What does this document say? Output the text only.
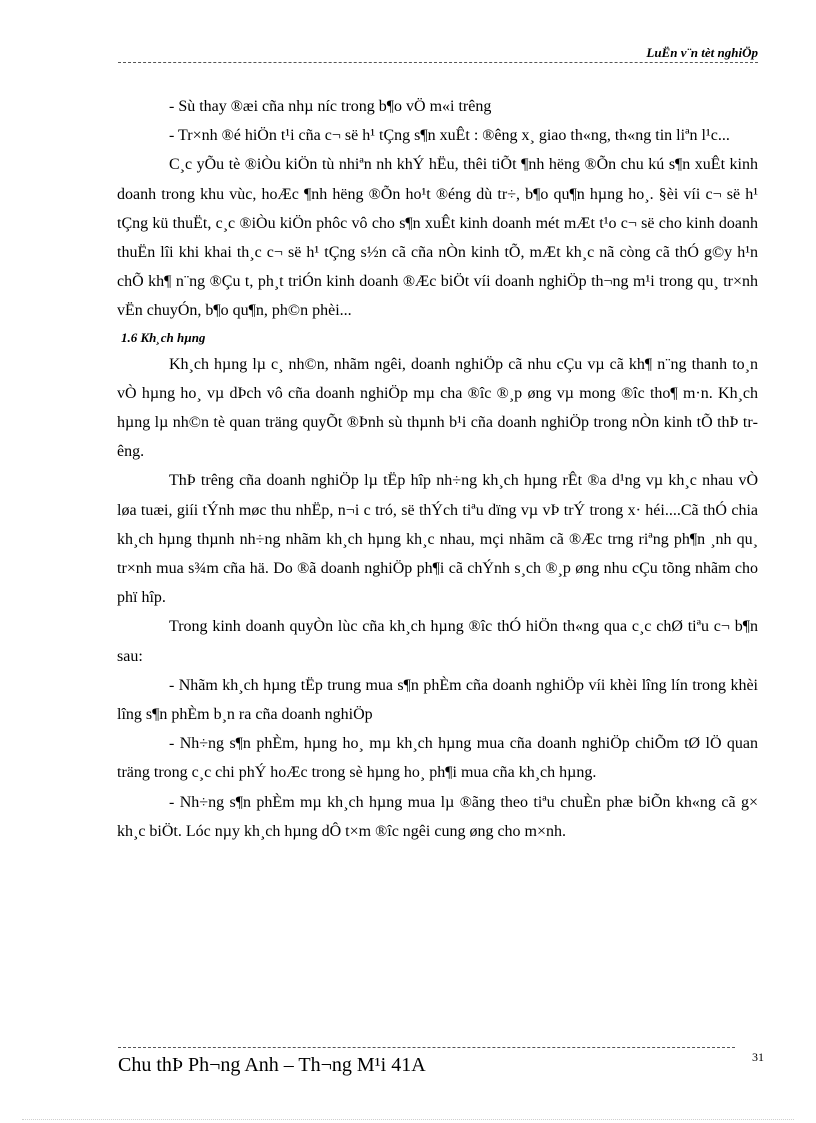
LuËn v¨n tèt nghiÖp

- Sù thay ®æi cña nhµ níc trong b¶o vÖ m«i trêng

- Tr×nh ®é hiÖn t¹i cña c¬ së h¹ tÇng s¶n xuÊt : ®êng x¸ giao th«ng, th«ng tin liªn l¹c...

C¸c yÕu tè ®iÒu kiÖn tù nhiªn nh khÝ hËu, thêi tiÕt ¶nh hëng ®Õn chu kú s¶n xuÊt kinh doanh trong khu vùc, hoÆc ¶nh hëng ®Õn ho¹t ®éng dù tr÷, b¶o qu¶n hµng ho¸. §èi víi c¬ së h¹ tÇng kü thuËt, c¸c ®iÒu kiÖn phôc vô cho s¶n xuÊt kinh doanh mét mÆt t¹o c¬ së cho kinh doanh thuËn lîi khi khai th¸c c¬ së h¹ tÇng s½n cã cña nÒn kinh tÕ, mÆt kh¸c nã còng cã thÓ g©y h¹n chÕ kh¶ n¨ng ®Çu t, ph¸t triÓn kinh doanh ®Æc biÖt víi doanh nghiÖp th¬ng m¹i trong qu¸ tr×nh vËn chuyÓn, b¶o qu¶n, ph©n phèi...

1.6 Kh¸ch hµng

Kh¸ch hµng lµ c¸ nh©n, nhãm ngêi, doanh nghiÖp cã nhu cÇu vµ cã kh¶ n¨ng thanh to¸n vÒ hµng ho¸ vµ dÞch vô cña doanh nghiÖp mµ cha ®îc ®¸p øng vµ mong ®îc tho¶ m·n. Kh¸ch hµng lµ nh©n tè quan träng quyÕt ®Þnh sù thµnh b¹i cña doanh nghiÖp trong nÒn kinh tÕ thÞ trêng.

ThÞ trêng cña doanh nghiÖp lµ tËp hîp nh÷ng kh¸ch hµng rÊt ®a d¹ng vµ kh¸c nhau vÒ løa tuæi, giíi tÝnh møc thu nhËp, n¬i c tró, së thÝch tiªu dïng vµ vÞ trÝ trong x· héi....Cã thÓ chia kh¸ch hµng thµnh nh÷ng nhãm kh¸ch hµng kh¸c nhau, mçi nhãm cã ®Æc trng riªng ph¶n ¸nh qu¸ tr×nh mua s¾m cña hä. Do ®ã doanh nghiÖp ph¶i cã chÝnh s¸ch ®¸p øng nhu cÇu tõng nhãm cho phï hîp.

Trong kinh doanh quyÒn lùc cña kh¸ch hµng ®îc thÓ hiÖn th«ng qua c¸c chØ tiªu c¬ b¶n sau:

- Nhãm kh¸ch hµng tËp trung mua s¶n phÈm cña doanh nghiÖp víi khèi lîng lín trong khèi lîng s¶n phÈm b¸n ra cña doanh nghiÖp

- Nh÷ng s¶n phÈm, hµng ho¸ mµ kh¸ch hµng mua cña doanh nghiÖp chiÕm tØ lÖ quan träng trong c¸c chi phÝ hoÆc trong sè hµng ho¸ ph¶i mua cña kh¸ch hµng.

- Nh÷ng s¶n phÈm mµ kh¸ch hµng mua lµ ®ãng theo tiªu chuÈn phæ biÕn kh«ng cã g× kh¸c biÖt. Lóc nµy kh¸ch hµng dÔ t×m ®îc ngêi cung øng cho m×nh.

Chu thÞ Ph¬ng Anh – Th¬ng M¹i 41A	31
